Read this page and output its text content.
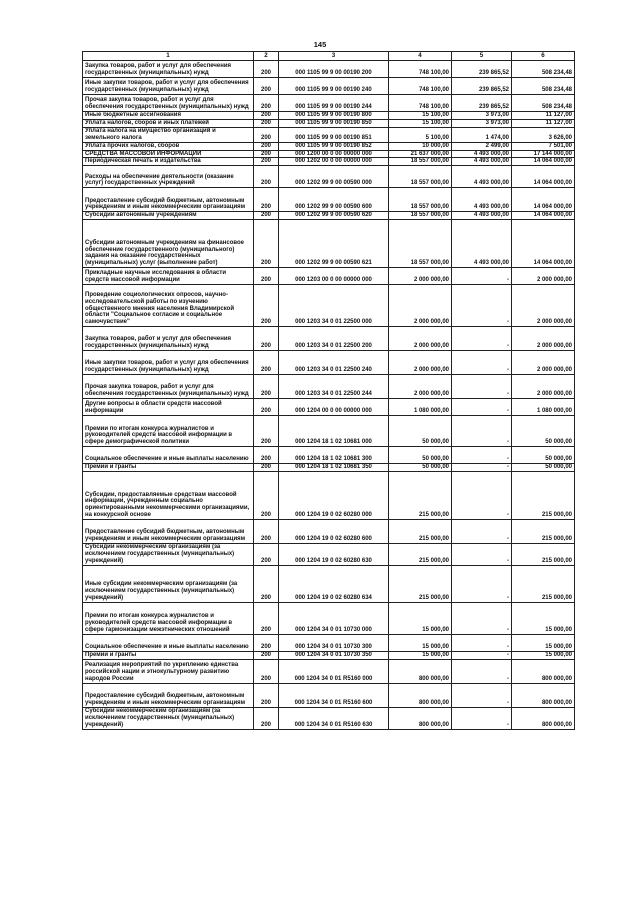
145
1	2	3	4	5	6
Закупка товаров, работ и услуг для обеспечения государственных (муниципальных) нужд	200	000 1105 99 9 00 00190 200	748 100,00	239 865,52	508 234,48
Иные закупки товаров, работ и услуг для обеспечения государственных (муниципальных) нужд	200	000 1105 99 9 00 00190 240	748 100,00	239 865,52	508 234,48
Прочая закупка товаров, работ и услуг для обеспечения государственных (муниципальных) нужд	200	000 1105 99 9 00 00190 244	748 100,00	239 865,52	508 234,48
Иные бюджетные ассигнования	200	000 1105 99 9 00 00190 800	15 100,00	3 973,00	11 127,00
Уплата налогов, сборов и иных платежей	200	000 1105 99 9 00 00190 850	15 100,00	3 973,00	11 127,00
Уплата налога на имущество организаций и земельного налога	200	000 1105 99 9 00 00190 851	5 100,00	1 474,00	3 626,00
Уплата прочих налогов, сборов	200	000 1105 99 9 00 00190 852	10 000,00	2 499,00	7 501,00
СРЕДСТВА МАССОВОЙ ИНФОРМАЦИИ	200	000 1200 00 0 00 00000 000	21 637 000,00	4 493 000,00	17 144 000,00
Периодическая печать и издательства	200	000 1202 00 0 00 00000 000	18 557 000,00	4 493 000,00	14 064 000,00
Расходы на обеспечение деятельности (оказание услуг) государственных учреждений	200	000 1202 99 9 00 00590 000	18 557 000,00	4 493 000,00	14 064 000,00
Предоставление субсидий бюджетным, автономным учреждениям и иным некоммерческим организациям	200	000 1202 99 9 00 00590 600	18 557 000,00	4 493 000,00	14 064 000,00
Субсидии автономным учреждениям	200	000 1202 99 9 00 00590 620	18 557 000,00	4 493 000,00	14 064 000,00
Субсидии автономным учреждениям на финансовое обеспечение государственного (муниципального) задания на оказание государственных (муниципальных) услуг (выполнение работ)	200	000 1202 99 9 00 00590 621	18 557 000,00	4 493 000,00	14 064 000,00
Прикладные научные исследования в области средств массовой информации	200	000 1203 00 0 00 00000 000	2 000 000,00	-	2 000 000,00
Проведение социологических опросов, научно-исследовательской работы по изучению общественного мнения населения Владимирской области "Социальное согласие и социальное самочувствие"	200	000 1203 34 0 01 22500 000	2 000 000,00	-	2 000 000,00
Закупка товаров, работ и услуг для обеспечения государственных (муниципальных) нужд	200	000 1203 34 0 01 22500 200	2 000 000,00	-	2 000 000,00
Иные закупки товаров, работ и услуг для обеспечения государственных (муниципальных) нужд	200	000 1203 34 0 01 22500 240	2 000 000,00	-	2 000 000,00
Прочая закупка товаров, работ и услуг для обеспечения государственных (муниципальных) нужд	200	000 1203 34 0 01 22500 244	2 000 000,00	-	2 000 000,00
Другие вопросы в области средств массовой информации	200	000 1204 00 0 00 00000 000	1 080 000,00	-	1 080 000,00
Премии по итогам конкурса журналистов и руководителей средств массовой информации в сфере демографической политики	200	000 1204 18 1 02 10681 000	50 000,00	-	50 000,00
Социальное обеспечение и иные выплаты населению	200	000 1204 18 1 02 10681 300	50 000,00	-	50 000,00
Премии и гранты	200	000 1204 18 1 02 10681 350	50 000,00	-	50 000,00
Субсидии, предоставляемые средствам массовой информации, учрежденным социально ориентированными некоммерческими организациями, на конкурсной основе	200	000 1204 19 0 02 60280 000	215 000,00	-	215 000,00
Предоставление субсидий бюджетным, автономным учреждениям и иным некоммерческим организациям	200	000 1204 19 0 02 60280 600	215 000,00	-	215 000,00
Субсидии некоммерческим организациям (за исключением государственных (муниципальных) учреждений)	200	000 1204 19 0 02 60280 630	215 000,00	-	215 000,00
Иные субсидии некоммерческим организациям (за исключением государственных (муниципальных) учреждений)	200	000 1204 19 0 02 60280 634	215 000,00	-	215 000,00
Премии по итогам конкурса журналистов и руководителей средств массовой информации в сфере гармонизации межэтнических отношений	200	000 1204 34 0 01 10730 000	15 000,00	-	15 000,00
Социальное обеспечение и иные выплаты населению	200	000 1204 34 0 01 10730 300	15 000,00	-	15 000,00
Премии и гранты	200	000 1204 34 0 01 10730 350	15 000,00	-	15 000,00
Реализация мероприятий по укреплению единства российской нации и этнокультурному развитию народов России	200	000 1204 34 0 01 R5160 000	800 000,00	-	800 000,00
Предоставление субсидий бюджетным, автономным учреждениям и иным некоммерческим организациям	200	000 1204 34 0 01 R5160 600	800 000,00	-	800 000,00
Субсидии некоммерческим организациям (за исключением государственных (муниципальных) учреждений)	200	000 1204 34 0 01 R5160 630	800 000,00	-	800 000,00
